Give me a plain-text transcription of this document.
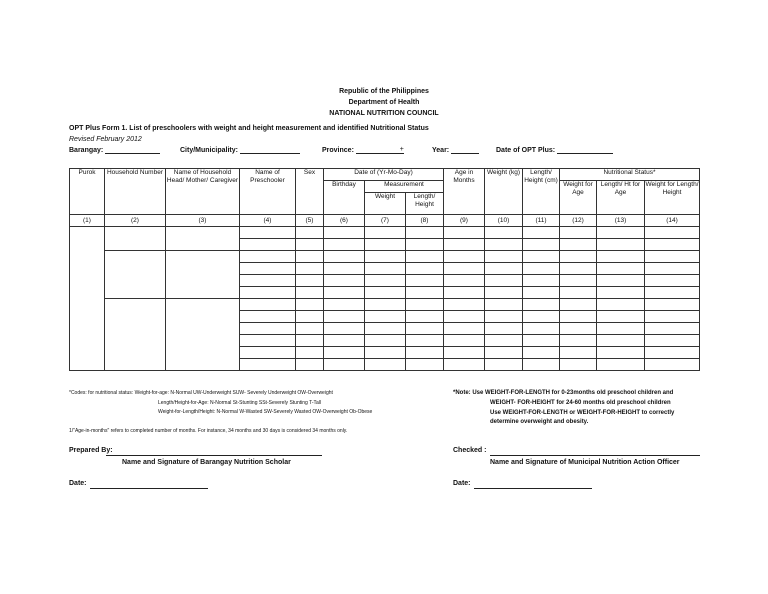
Republic of the Philippines
Department of Health
NATIONAL NUTRITION COUNCIL
OPT Plus Form 1. List of preschoolers with weight and height measurement and identified Nutritional Status
Revised February 2012
Barangay:	City/Municipality:	Province:	+	Year:	Date of OPT Plus:
Purok	Household Number	Name of Household Head/ Mother/ Caregiver	Name of Preschooler	Sex	Date of (Yr-Mo-Day)			Age in Months	Weight (kg)	Length/ Height (cm)	Nutritional Status*		
					Birthday	Measurement					Weight for Age	Length/ Ht for Age	Weight for Length/ Height
						Weight	Length/ Height						
(1)	(2)	(3)	(4)	(5)	(6)	(7)	(8)	(9)	(10)	(11)	(12)	(13)	(14)

*Codes: for nutritional status: Weight-for-age: N-Normal UW-Underweight SUW- Severely Underweight OW-Overweight
Length/Height-for-Age: N-Normal St-Stunting SSt-Severely Stunting T-Tall
Weight-for-Length/Height: N-Normal W-Wasted SW-Severely Wasted OW-Overweight Ob-Obese
1/"Age-in-months" refers to completed number of months. For instance, 34 months and 30 days is considered 34 months only.
*Note: Use WEIGHT-FOR-LENGTH for 0-23months old preschool children and
WEIGHT- FOR-HEIGHT for 24-60 months old preschool children
Use WEIGHT-FOR-LENGTH or WEIGHT-FOR-HEIGHT to correctly
determine overweight and obesity.
Prepared By:
Name and Signature of Barangay Nutrition Scholar
Checked :
Name and Signature of Municipal Nutrition Action Officer
Date:	Date:
